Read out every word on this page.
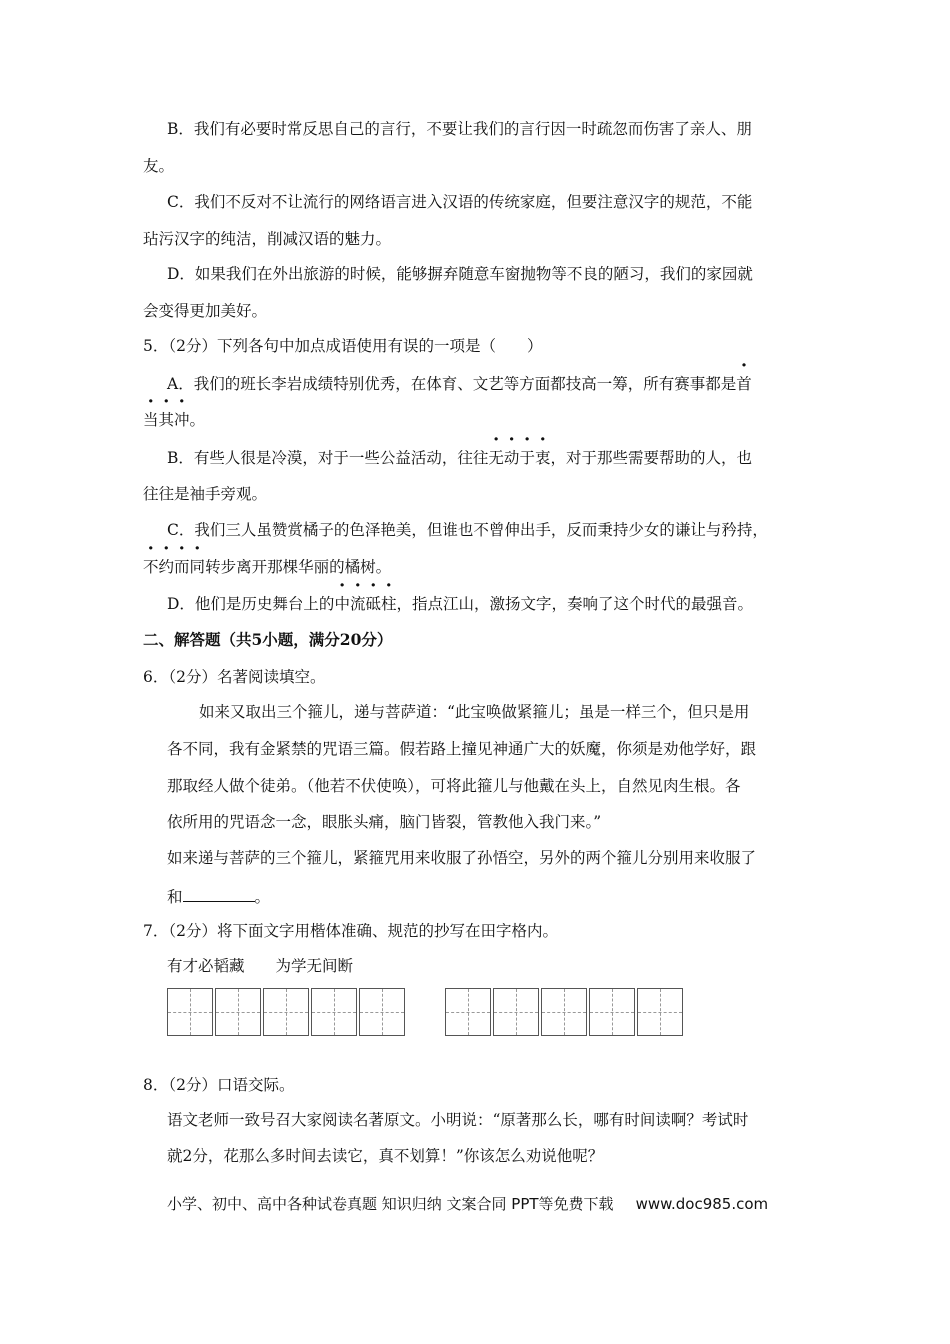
B．我们有必要时常反思自己的言行，不要让我们的言行因一时疏忽而伤害了亲人、朋
友。
C．我们不反对不让流行的网络语言进入汉语的传统家庭，但要注意汉字的规范，不能
玷污汉字的纯洁，削减汉语的魅力。
D．如果我们在外出旅游的时候，能够摒弃随意车窗抛物等不良的陋习，我们的家园就
会变得更加美好。
5．（2分）下列各句中加点成语使用有误的一项是（　　）
A．我们的班长李岩成绩特别优秀，在体育、文艺等方面都技高一筹，所有赛事都是首
当其冲。
B．有些人很是冷漠，对于一些公益活动，往往无动于衷，对于那些需要帮助的人，也
往往是袖手旁观。
C．我们三人虽赞赏橘子的色泽艳美，但谁也不曾伸出手，反而秉持少女的谦让与矜持，
不约而同转步离开那棵华丽的橘树。
D．他们是历史舞台上的中流砥柱，指点江山，激扬文字，奏响了这个时代的最强音。
二、解答题（共5小题，满分20分）
6．（2分）名著阅读填空。
如来又取出三个箍儿，递与菩萨道：“此宝唤做紧箍儿；虽是一样三个，但只是用
各不同，我有金紧禁的咒语三篇。假若路上撞见神通广大的妖魔，你须是劝他学好，跟
那取经人做个徒弟。（他若不伏使唤），可将此箍儿与他戴在头上，自然见肉生根。各
依所用的咒语念一念，眼胀头痛，脑门皆裂，管教他入我门来。”
如来递与菩萨的三个箍儿，紧箍咒用来收服了孙悟空，另外的两个箍儿分别用来收服了
和	。
7．（2分）将下面文字用楷体准确、规范的抄写在田字格内。
有才必韬藏　　为学无间断
8．（2分）口语交际。
语文老师一致号召大家阅读名著原文。小明说：“原著那么长，哪有时间读啊？考试时
就2分，花那么多时间去读它，真不划算！”你该怎么劝说他呢？
小学、初中、高中各种试卷真题 知识归纳 文案合同 PPT等免费下载 www.doc985.com
